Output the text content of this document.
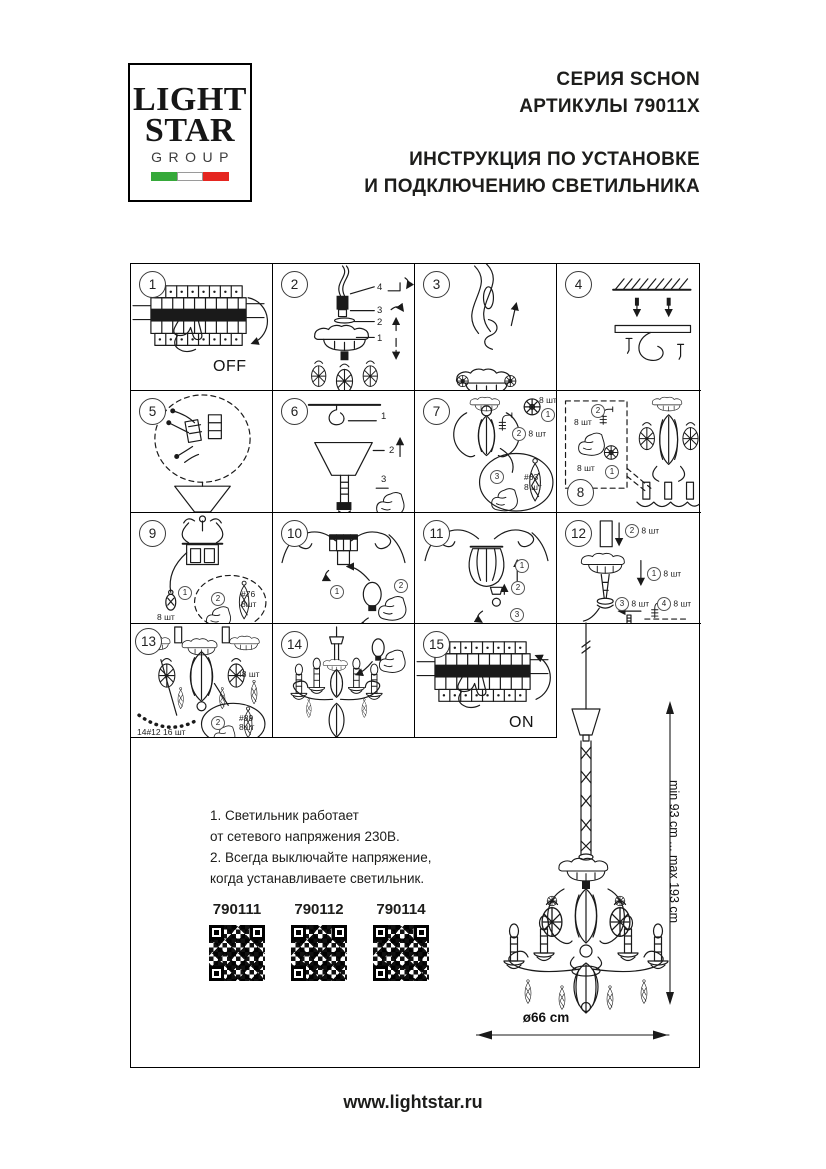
LIGHT
STAR
GROUP
СЕРИЯ SCHON
АРТИКУЛЫ 79011X
ИНСТРУКЦИЯ ПО УСТАНОВКЕ
И ПОДКЛЮЧЕНИЮ СВЕТИЛЬНИКА
1
OFF
2	4
3
2
1
3	4
5	6	1
2
3
7
8 шт
1
2 8 шт
3	#63
8 шт	8
2
8 шт
8 шт	1
9
1
8 шт
2	#76
8шт
10
1
2
11
1
2
3
12	2 8 шт
1 8 шт
3 8 шт	4 8 шт
13
48 шт
14#12 16 шт
2	#89
8шт
14	15
ON
1. Светильник работает
от сетевого напряжения 230В.
2. Всегда выключайте напряжение,
когда устанавливаете светильник.
790111	790112 790114	min 93 cm ... max 193 cm
ø66 cm
www.lightstar.ru
